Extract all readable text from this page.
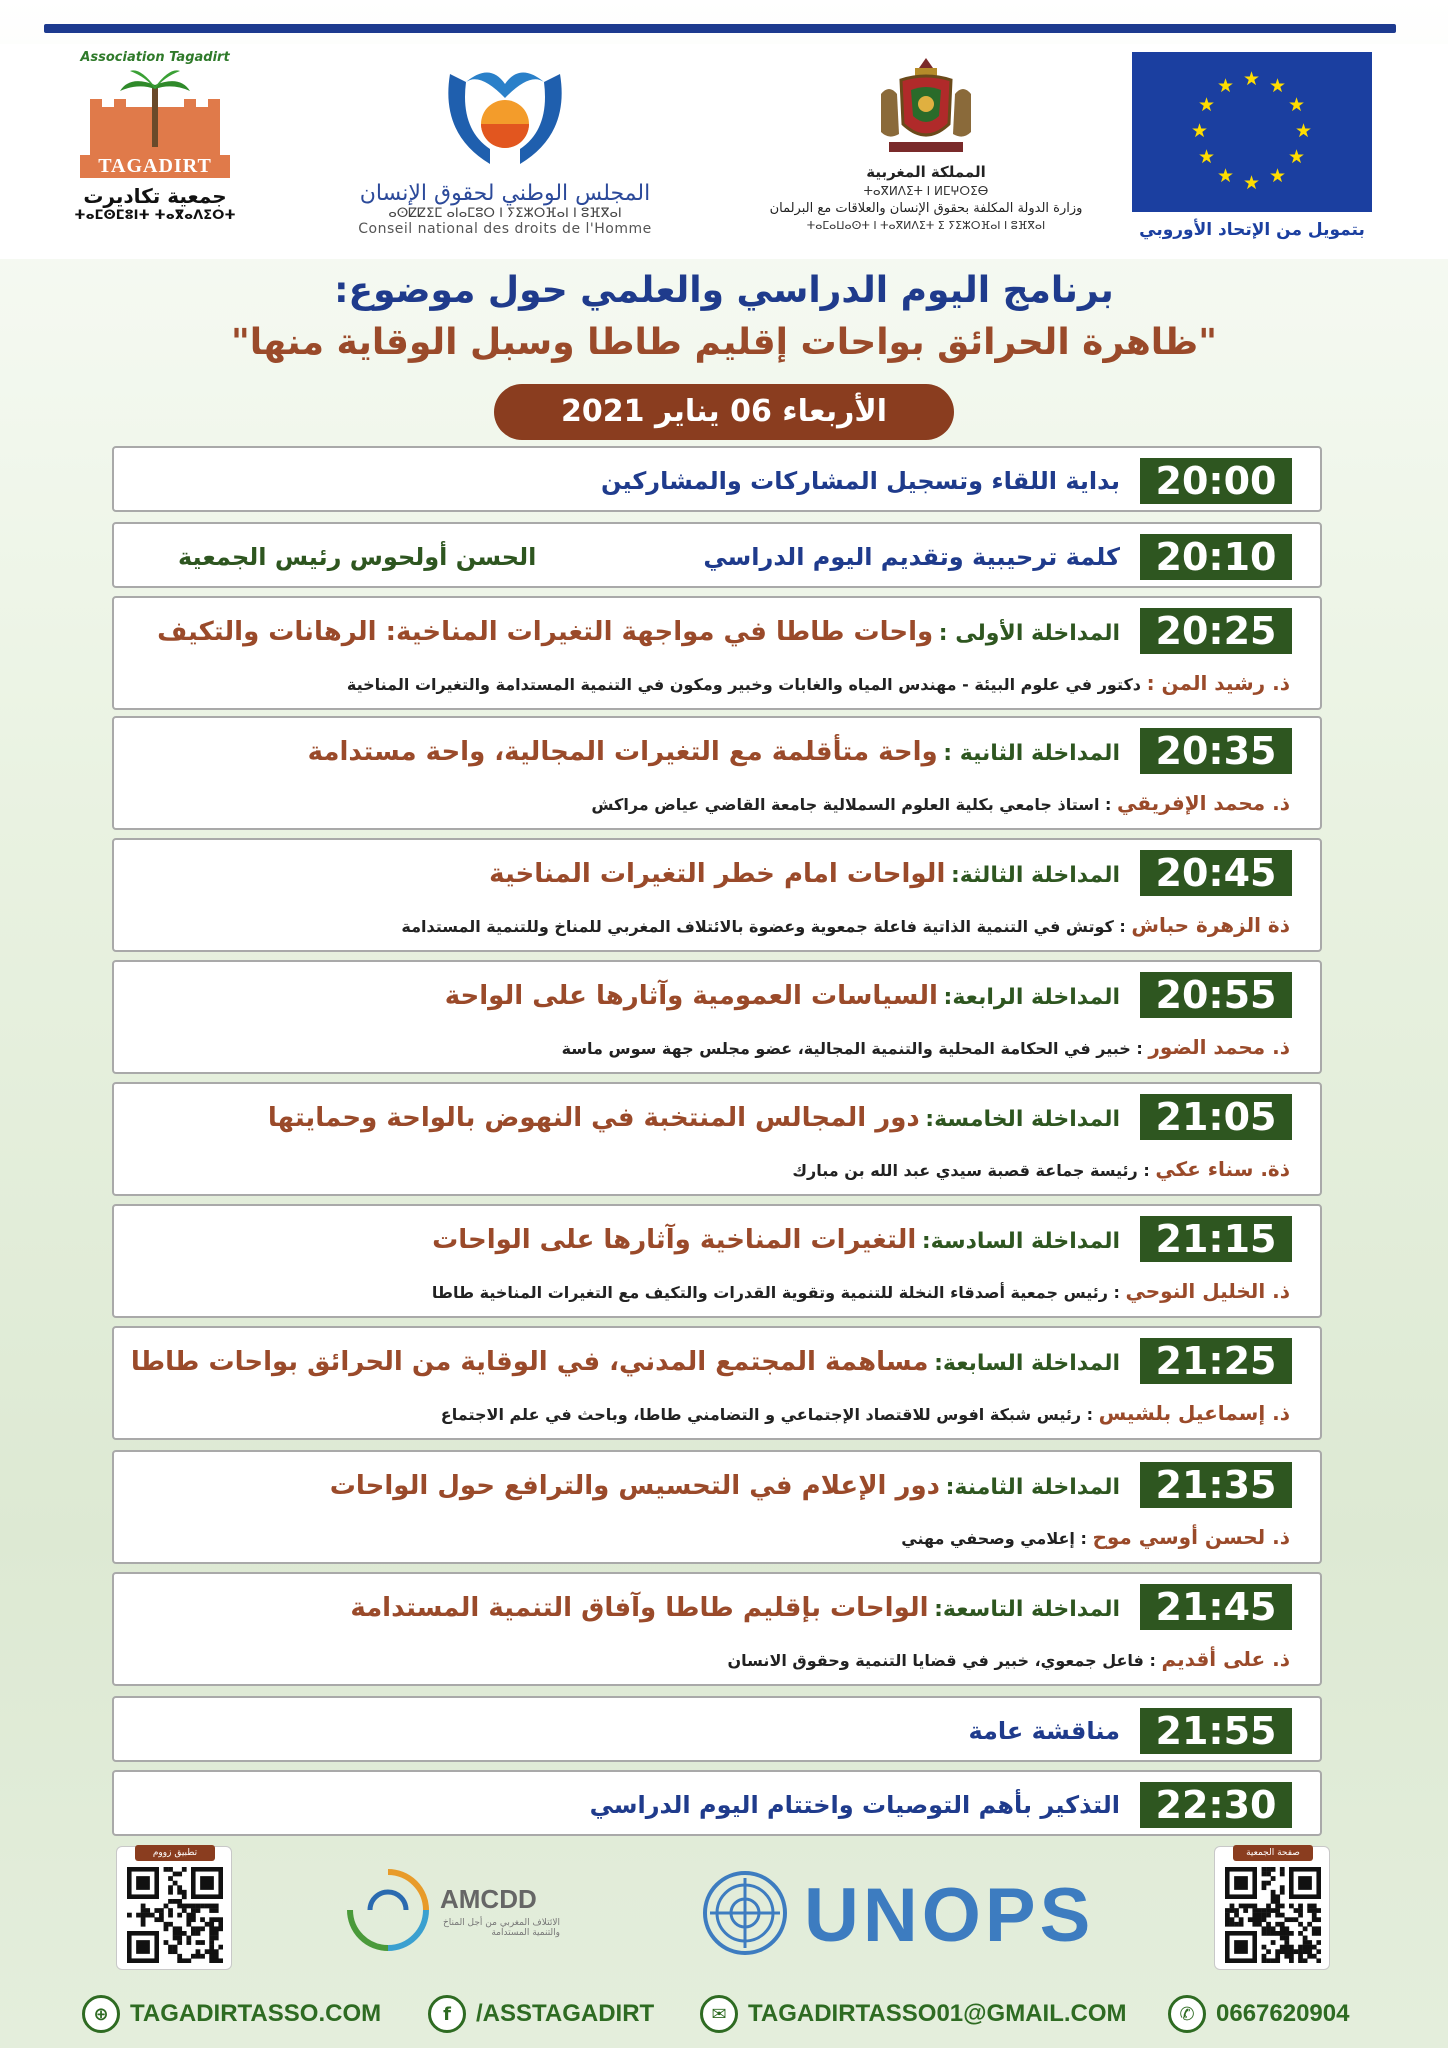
★ ★
★
★
★
★
★
★
★
★
★
★
بتمويل من الإتحاد الأوروبي
المملكة المغربية
ⵜⴰⴳⵍⴷⵉⵜ ⵏ ⵍⵎⵖⵔⵉⴱ
وزارة الدولة المكلفة بحقوق الإنسان والعلاقات مع البرلمان
ⵜⴰⵎⴰⵡⴰⵙⵜ ⵏ ⵜⴰⴳⵍⴷⵉⵜ ⵉ ⵢⵉⵣⵔⴼⴰⵏ ⵏ ⵓⴼⴳⴰⵏ
المجلس الوطني لحقوق الإنسان
ⴰⵙⵇⵇⵉⵎ ⴰⵏⴰⵎⵓⵔ ⵏ ⵢⵉⵣⵔⴼⴰⵏ ⵏ ⵓⴼⴳⴰⵏ
Conseil national des droits de l'Homme
Association Tagadirt
TAGADIRT
جمعية تكاديرت
ⵜⴰⵎⵙⵎⵓⵏⵜ ⵜⴰⴳⴰⴷⵉⵔⵜ
برنامج اليوم الدراسي والعلمي حول موضوع:
"ظاهرة الحرائق بواحات إقليم طاطا وسبل الوقاية منها"
الأربعاء 06 يناير 2021
20:00
بداية اللقاء وتسجيل المشاركات والمشاركين
20:10
كلمة ترحيبية وتقديم اليوم الدراسي
الحسن أولحوس رئيس الجمعية
20:25
المداخلة الأولى : واحات طاطا في مواجهة التغيرات المناخية: الرهانات والتكيف
ذ. رشيد المن : دكتور في علوم البيئة - مهندس المياه والغابات وخبير ومكون في التنمية المستدامة والتغيرات المناخية
20:35
المداخلة الثانية : واحة متأقلمة مع التغيرات المجالية، واحة مستدامة
ذ. محمد الإفريقي : استاذ جامعي بكلية العلوم السملالية جامعة القاضي عياض مراكش
20:45
المداخلة الثالثة: الواحات امام خطر التغيرات المناخية
ذة الزهرة حباش : كوتش في التنمية الذاتية فاعلة جمعوية وعضوة بالائتلاف المغربي للمناخ وللتنمية المستدامة
20:55
المداخلة الرابعة: السياسات العمومية وآثارها على الواحة
ذ. محمد الضور : خبير في الحكامة المحلية والتنمية المجالية، عضو مجلس جهة سوس ماسة
21:05
المداخلة الخامسة: دور المجالس المنتخبة في النهوض بالواحة وحمايتها
ذة. سناء عكي : رئيسة جماعة قصبة سيدي عبد الله بن مبارك
21:15
المداخلة السادسة: التغيرات المناخية وآثارها على الواحات
ذ. الخليل النوحي : رئيس جمعية أصدقاء النخلة للتنمية وتقوية القدرات والتكيف مع التغيرات المناخية طاطا
21:25
المداخلة السابعة: مساهمة المجتمع المدني، في الوقاية من الحرائق بواحات طاطا
ذ. إسماعيل بلشيس : رئيس شبكة افوس للاقتصاد الإجتماعي و التضامني طاطا، وباحث في علم الاجتماع
21:35
المداخلة الثامنة: دور الإعلام في التحسيس والترافع حول الواحات
ذ. لحسن أوسي موح : إعلامي وصحفي مهني
21:45
المداخلة التاسعة: الواحات بإقليم طاطا وآفاق التنمية المستدامة
ذ. على أقديم : فاعل جمعوي، خبير في قضايا التنمية وحقوق الانسان
21:55
مناقشة عامة
22:30
التذكير بأهم التوصيات واختتام اليوم الدراسي
تطبيق زووم
AMCDD
الائتلاف المغربي من أجل المناخ والتنمية المستدامة	UNOPS
صفحة الجمعية
⊕ TAGADIRTASSO.COM	f	/ASSTAGADIRT	✉ TAGADIRTASSO01@GMAIL.COM	✆ 0667620904
